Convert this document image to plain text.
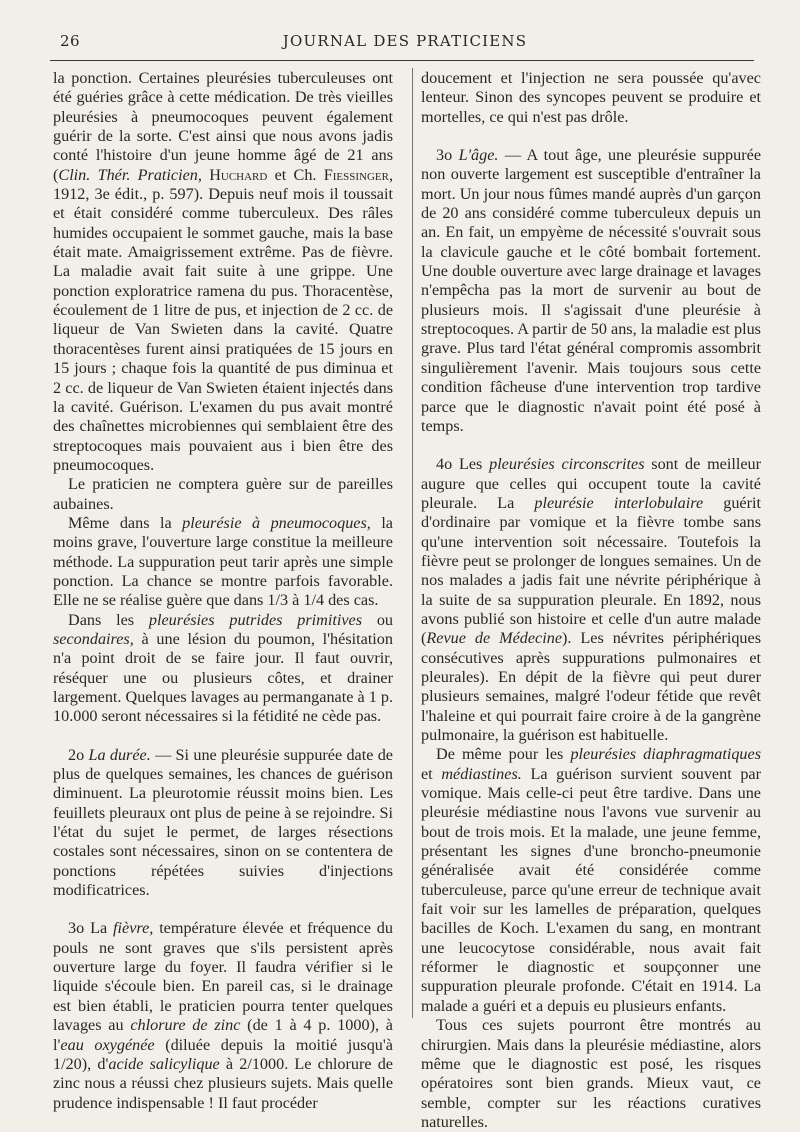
26	JOURNAL DES PRATICIENS

la ponction. Certaines pleurésies tuberculeuses ont été guéries grâce à cette médication. De très vieilles pleurésies à pneumocoques peuvent également guérir de la sorte. C'est ainsi que nous avons jadis conté l'histoire d'un jeune homme âgé de 21 ans (Clin. Thér. Praticien, Huchard et Ch. Fiessinger, 1912, 3e édit., p. 597). Depuis neuf mois il toussait et était considéré comme tuberculeux. Des râles humides occupaient le sommet gauche, mais la base était mate. Amaigrissement extrême. Pas de fièvre. La maladie avait fait suite à une grippe. Une ponction exploratrice ramena du pus. Thoracentèse, écoulement de 1 litre de pus, et injection de 2 cc. de liqueur de Van Swieten dans la cavité. Quatre thoracentèses furent ainsi pratiquées de 15 jours en 15 jours ; chaque fois la quantité de pus diminua et 2 cc. de liqueur de Van Swieten étaient injectés dans la cavité. Guérison. L'examen du pus avait montré des chaînettes microbiennes qui semblaient être des streptocoques mais pouvaient aus i bien être des pneumocoques.

Le praticien ne comptera guère sur de pareilles aubaines.

Même dans la pleurésie à pneumocoques, la moins grave, l'ouverture large constitue la meilleure méthode. La suppuration peut tarir après une simple ponction. La chance se montre parfois favorable. Elle ne se réalise guère que dans 1/3 à 1/4 des cas.

Dans les pleurésies putrides primitives ou secondaires, à une lésion du poumon, l'hésitation n'a point droit de se faire jour. Il faut ouvrir, réséquer une ou plusieurs côtes, et drainer largement. Quelques lavages au permanganate à 1 p. 10.000 seront nécessaires si la fétidité ne cède pas.

2o La durée. — Si une pleurésie suppurée date de plus de quelques semaines, les chances de guérison diminuent. La pleurotomie réussit moins bien. Les feuillets pleuraux ont plus de peine à se rejoindre. Si l'état du sujet le permet, de larges résections costales sont nécessaires, sinon on se contentera de ponctions répétées suivies d'injections modificatrices.

3o La fièvre, température élevée et fréquence du pouls ne sont graves que s'ils persistent après ouverture large du foyer. Il faudra vérifier si le liquide s'écoule bien. En pareil cas, si le drainage est bien établi, le praticien pourra tenter quelques lavages au chlorure de zinc (de 1 à 4 p. 1000), à l'eau oxygénée (diluée depuis la moitié jusqu'à 1/20), d'acide salicylique à 2/1000. Le chlorure de zinc nous a réussi chez plusieurs sujets. Mais quelle prudence indispensable ! Il faut procéder

doucement et l'injection ne sera poussée qu'avec lenteur. Sinon des syncopes peuvent se produire et mortelles, ce qui n'est pas drôle.

3o L'âge. — A tout âge, une pleurésie suppurée non ouverte largement est susceptible d'entraîner la mort. Un jour nous fûmes mandé auprès d'un garçon de 20 ans considéré comme tuberculeux depuis un an. En fait, un empyème de nécessité s'ouvrait sous la clavicule gauche et le côté bombait fortement. Une double ouverture avec large drainage et lavages n'empêcha pas la mort de survenir au bout de plusieurs mois. Il s'agissait d'une pleurésie à streptocoques. A partir de 50 ans, la maladie est plus grave. Plus tard l'état général compromis assombrit singulièrement l'avenir. Mais toujours sous cette condition fâcheuse d'une intervention trop tardive parce que le diagnostic n'avait point été posé à temps.

4o Les pleurésies circonscrites sont de meilleur augure que celles qui occupent toute la cavité pleurale. La pleurésie interlobulaire guérit d'ordinaire par vomique et la fièvre tombe sans qu'une intervention soit nécessaire. Toutefois la fièvre peut se prolonger de longues semaines. Un de nos malades a jadis fait une névrite périphérique à la suite de sa suppuration pleurale. En 1892, nous avons publié son histoire et celle d'un autre malade (Revue de Médecine). Les névrites périphériques consécutives après suppurations pulmonaires et pleurales). En dépit de la fièvre qui peut durer plusieurs semaines, malgré l'odeur fétide que revêt l'haleine et qui pourrait faire croire à de la gangrène pulmonaire, la guérison est habituelle.

De même pour les pleurésies diaphragmatiques et médiastines. La guérison survient souvent par vomique. Mais celle-ci peut être tardive. Dans une pleurésie médiastine nous l'avons vue survenir au bout de trois mois. Et la malade, une jeune femme, présentant les signes d'une broncho-pneumonie généralisée avait été considérée comme tuberculeuse, parce qu'une erreur de technique avait fait voir sur les lamelles de préparation, quelques bacilles de Koch. L'examen du sang, en montrant une leucocytose considérable, nous avait fait réformer le diagnostic et soupçonner une suppuration pleurale profonde. C'était en 1914. La malade a guéri et a depuis eu plusieurs enfants.

Tous ces sujets pourront être montrés au chirurgien. Mais dans la pleurésie médiastine, alors même que le diagnostic est posé, les risques opératoires sont bien grands. Mieux vaut, ce semble, compter sur les réactions curatives naturelles.
